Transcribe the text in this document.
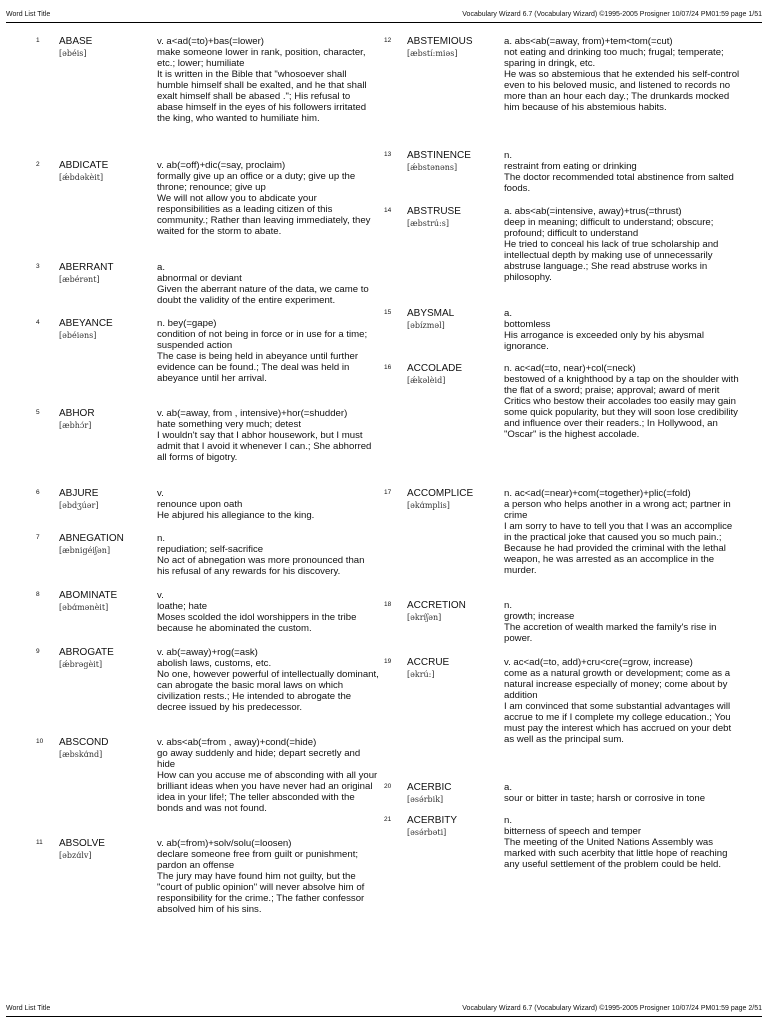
Word List Title	Vocabulary Wizard 6.7 (Vocabulary Wizard) ©1995-2005 Prosigner 10/07/24 PM01:59 page 1/51
1 ABASE
[əbéis]
v. a<ad(=to)+bas(=lower)
make someone lower in rank, position, character, etc.; lower; humiliate
It is written in the Bible that "whosoever shall humble himself shall be exalted, and he that shall exalt himself shall be abased ."; His refusal to abase himself in the eyes of his followers irritated the king, who wanted to humiliate him.
2 ABDICATE
[ǽbdəkèit]
v. ab(=off)+dic(=say, proclaim)
formally give up an office or a duty; give up the throne; renounce; give up
We will not allow you to abdicate your responsibilities as a leading citizen of this community.; Rather than leaving immediately, they waited for the storm to abate.
3 ABERRANT
[æbérənt]
a.
abnormal or deviant
Given the aberrant nature of the data, we came to doubt the validity of the entire experiment.
4 ABEYANCE
[əbéiəns]
n. bey(=gape)
condition of not being in force or in use for a time; suspended action
The case is being held in abeyance until further evidence can be found.; The deal was held in abeyance until her arrival.
5 ABHOR
[æbhɔ́r]
v. ab(=away, from , intensive)+hor(=shudder)
hate something very much; detest
I wouldn't say that I abhor housework, but I must admit that I avoid it whenever I can.; She abhorred all forms of bigotry.
6 ABJURE
[əbdʒúər]
v.
renounce upon oath
He abjured his allegiance to the king.
7 ABNEGATION
[æbnigéiʃən]
n.
repudiation; self-sacrifice
No act of abnegation was more pronounced than his refusal of any rewards for his discovery.
8 ABOMINATE
[əbɑ́mənèit]
v.
loathe; hate
Moses scolded the idol worshippers in the tribe because he abominated the custom.
9 ABROGATE
[ǽbrəgèit]
v. ab(=away)+rog(=ask)
abolish laws, customs, etc.
No one, however powerful of intellectually dominant, can abrogate the basic moral laws on which civilization rests.; He intended to abrogate the decree issued by his predecessor.
10 ABSCOND
[æbskɑ́nd]
v. abs<ab(=from , away)+cond(=hide)
go away suddenly and hide; depart secretly and hide
How can you accuse me of absconding with all your brilliant ideas when you have never had an original idea in your life!; The teller absconded with the bonds and was not found.
11 ABSOLVE
[əbzɑ́lv]
v. ab(=from)+solv/solu(=loosen)
declare someone free from guilt or punishment; pardon an offense
The jury may have found him not guilty, but the "court of public opinion" will never absolve him of responsibility for the crime.; The father confessor absolved him of his sins.
12 ABSTEMIOUS
[æbstí:miəs]
a. abs<ab(=away, from)+tem<tom(=cut)
not eating and drinking too much; frugal; temperate; sparing in dringk, etc.
He was so abstemious that he extended his self-control even to his beloved music, and listened to records no more than an hour each day.; The drunkards mocked him because of his abstemious habits.
13 ABSTINENCE
[ǽbstənəns]
n.
restraint from eating or drinking
The doctor recommended total abstinence from salted foods.
14 ABSTRUSE
[æbstrú:s]
a. abs<ab(=intensive, away)+trus(=thrust)
deep in meaning; difficult to understand; obscure; profound; difficult to understand
He tried to conceal his lack of true scholarship and intellectual depth by making use of unnecessarily abstruse language.; She read abstruse works in philosophy.
15 ABYSMAL
[əbízməl]
a.
bottomless
His arrogance is exceeded only by his abysmal ignorance.
16 ACCOLADE
[ǽkəlèid]
n. ac<ad(=to, near)+col(=neck)
bestowed of a knighthood by a tap on the shoulder with the flat of a sword; praise; approval; award of merit
Critics who bestow their accolades too easily may gain some quick popularity, but they will soon lose credibility and influence over their readers.; In Hollywood, an "Oscar" is the highest accolade.
17 ACCOMPLICE
[əkɑ́mplis]
n. ac<ad(=near)+com(=together)+plic(=fold)
a person who helps another in a wrong act; partner in crime
I am sorry to have to tell you that I was an accomplice in the practical joke that caused you so much pain.; Because he had provided the criminal with the lethal weapon, he was arrested as an accomplice in the murder.
18 ACCRETION
[əkríʃən]
n.
growth; increase
The accretion of wealth marked the family's rise in power.
19 ACCRUE
[əkrú:]
v. ac<ad(=to, add)+cru<cre(=grow, increase)
come as a natural growth or development; come as a natural increase especially of money; come about by addition
I am convinced that some substantial advantages will accrue to me if I complete my college education.; You must pay the interest which has accrued on your debt as well as the principal sum.
20 ACERBIC
[əsə́rbik]
a.
sour or bitter in taste; harsh or corrosive in tone
21 ACERBITY
[əsə́rbəti]
n.
bitterness of speech and temper
The meeting of the United Nations Assembly was marked with such acerbity that little hope of reaching any useful settlement of the problem could be held.
Word List Title	Vocabulary Wizard 6.7 (Vocabulary Wizard) ©1995-2005 Prosigner 10/07/24 PM01:59 page 2/51
